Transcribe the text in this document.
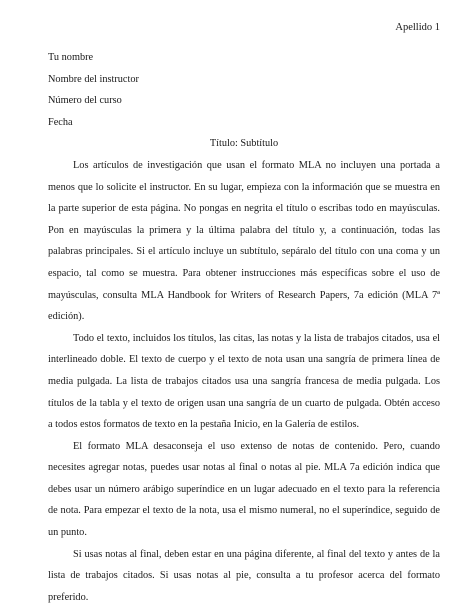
Apellido 1

Tu nombre

Nombre del instructor

Número del curso

Fecha

Título: Subtítulo

Los artículos de investigación que usan el formato MLA no incluyen una portada a menos que lo solicite el instructor. En su lugar, empieza con la información que se muestra en la parte superior de esta página. No pongas en negrita el título o escribas todo en mayúsculas. Pon en mayúsculas la primera y la última palabra del título y, a continuación, todas las palabras principales. Si el artículo incluye un subtítulo, sepáralo del título con una coma y un espacio, tal como se muestra. Para obtener instrucciones más específicas sobre el uso de mayúsculas, consulta MLA Handbook for Writers of Research Papers, 7a edición (MLA 7ª edición).

Todo el texto, incluidos los títulos, las citas, las notas y la lista de trabajos citados, usa el interlineado doble. El texto de cuerpo y el texto de nota usan una sangría de primera línea de media pulgada. La lista de trabajos citados usa una sangría francesa de media pulgada. Los títulos de la tabla y el texto de origen usan una sangría de un cuarto de pulgada. Obtén acceso a todos estos formatos de texto en la pestaña Inicio, en la Galería de estilos.

El formato MLA desaconseja el uso extenso de notas de contenido. Pero, cuando necesites agregar notas, puedes usar notas al final o notas al pie. MLA 7a edición indica que debes usar un número arábigo superíndice en un lugar adecuado en el texto para la referencia de nota. Para empezar el texto de la nota, usa el mismo numeral, no el superíndice, seguido de un punto.

Si usas notas al final, deben estar en una página diferente, al final del texto y antes de la lista de trabajos citados. Si usas notas al pie, consulta a tu profesor acerca del formato preferido.
